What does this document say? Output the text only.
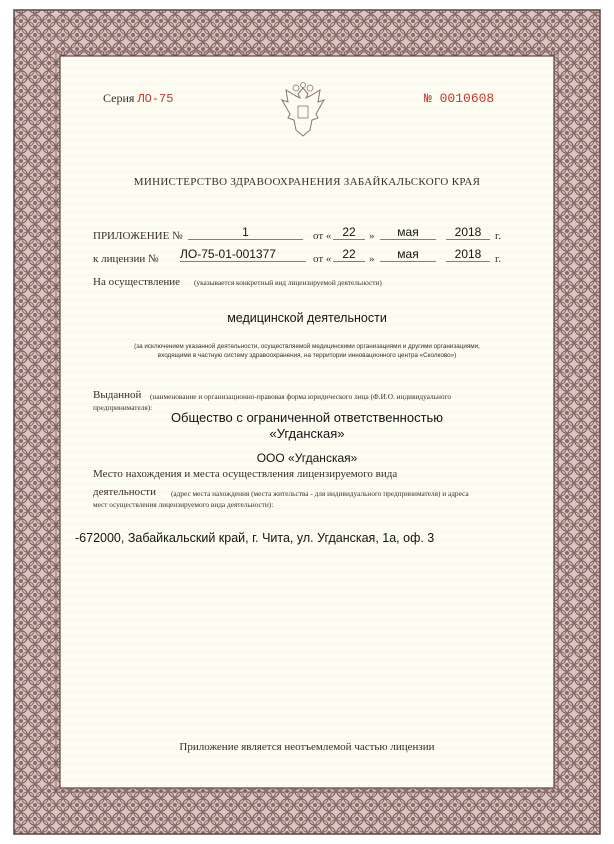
Серия ЛО-75	№ 0010608
МИНИСТЕРСТВО ЗДРАВООХРАНЕНИЯ ЗАБАЙКАЛЬСКОГО КРАЯ
ПРИЛОЖЕНИЕ №	1	от « 22	»	мая	2018	г.
к лицензии № ЛО-75-01-001377	от « 22	»	мая	2018	г.
На осуществление (указывается конкретный вид лицензируемой деятельности)
медицинской деятельности
(за исключением указанной деятельности, осуществляемой медицинскими организациями и другими организациями,
входящими в частную систему здравоохранения, на территории инновационного центра «Сколково»)
Выданной (наименование и организационно-правовая форма юридического лица (Ф.И.О. индивидуального
предпринимателя):
Общество с ограниченной ответственностью
«Угданская»
ООО «Угданская»
Место нахождения и места осуществления лицензируемого вида
деятельности (адрес места нахождения (места жительства - для индивидуального предпринимателя) и адреса
мест осуществления лицензируемого вида деятельности):
-672000, Забайкальский край, г. Чита, ул. Угданская, 1а, оф. 3
Приложение является неотъемлемой частью лицензии
